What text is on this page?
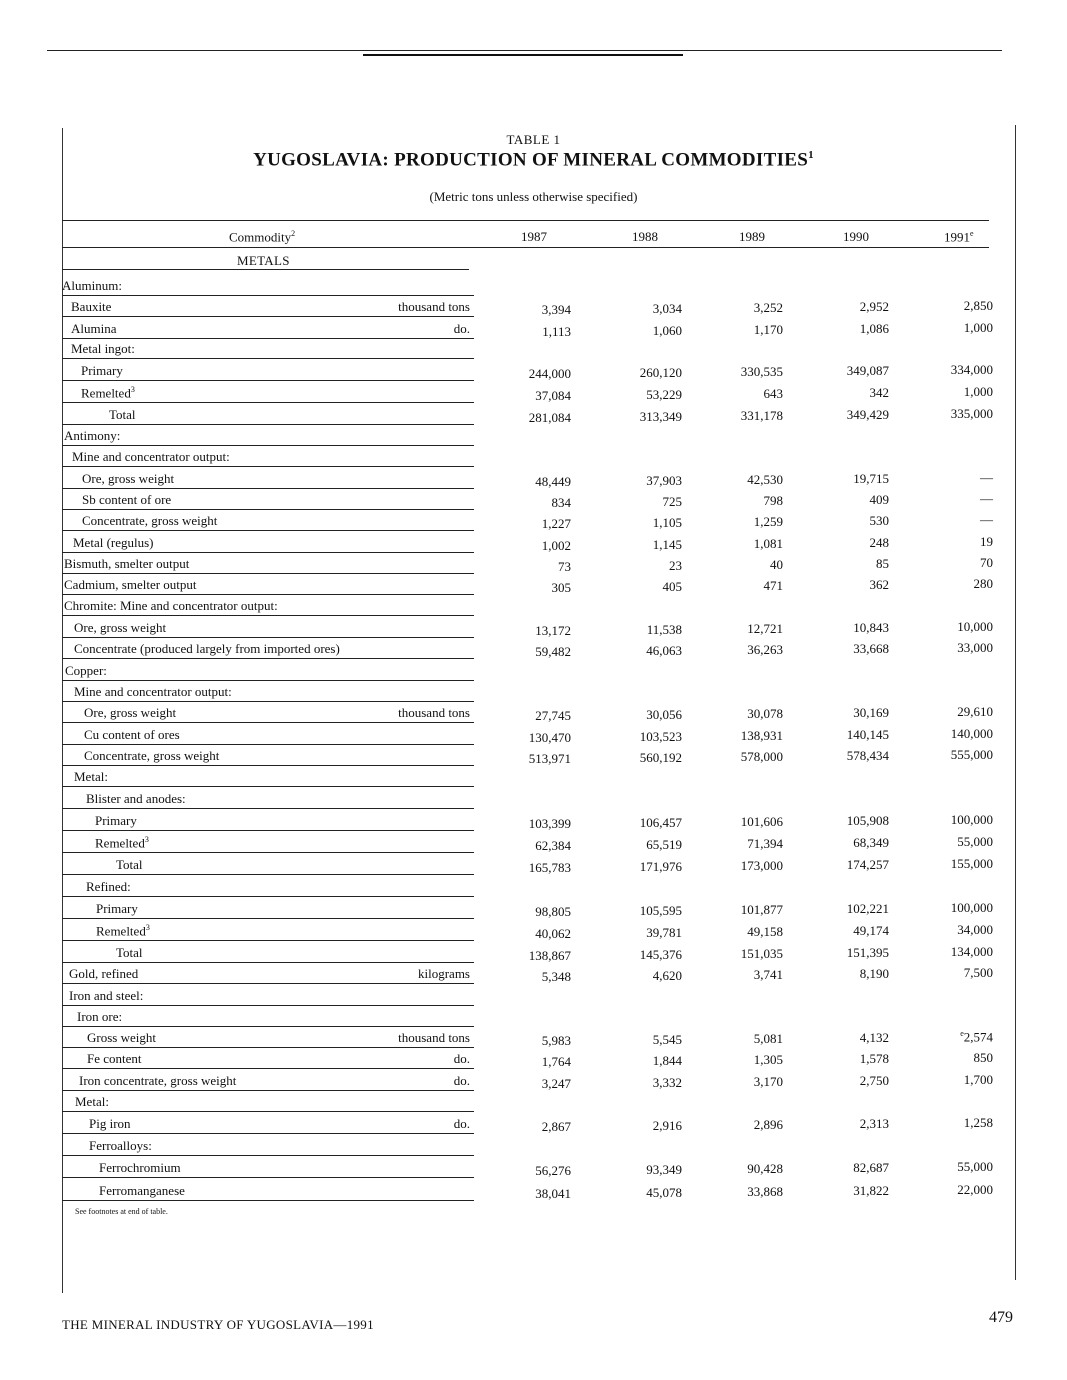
TABLE 1
YUGOSLAVIA: PRODUCTION OF MINERAL COMMODITIES$^1$
(Metric tons unless otherwise specified)
Commodity$^2$	1987	1988	1989	1990	1991e
METALS
Aluminum:
Bauxite	thousand tons	3,394	3,034	3,252	2,952	2,850
Alumina	do.	1,113	1,060	1,170	1,086	1,000
Metal ingot:
Primary	244,000	260,120	330,535	349,087	334,000
Remelted$^3$	37,084	53,229	643	342	1,000
Total	281,084	313,349	331,178	349,429	335,000
Antimony:
Mine and concentrator output:
Ore, gross weight	48,449	37,903	42,530	19,715	—
Sb content of ore	834	725	798	409	—
Concentrate, gross weight	1,227	1,105	1,259	530	—
Metal (regulus)	1,002	1,145	1,081	248	19
Bismuth, smelter output	73	23	40	85	70
Cadmium, smelter output	305	405	471	362	280
Chromite: Mine and concentrator output:
Ore, gross weight	13,172	11,538	12,721	10,843	10,000
Concentrate (produced largely from imported ores)	59,482	46,063	36,263	33,668	33,000
Copper:
Mine and concentrator output:
Ore, gross weight	thousand tons	27,745	30,056	30,078	30,169	29,610
Cu content of ores	130,470	103,523	138,931	140,145	140,000
Concentrate, gross weight	513,971	560,192	578,000	578,434	555,000
Metal:
Blister and anodes:
Primary	103,399	106,457	101,606	105,908	100,000
Remelted$^3$	62,384	65,519	71,394	68,349	55,000
Total	165,783	171,976	173,000	174,257	155,000
Refined:
Primary	98,805	105,595	101,877	102,221	100,000
Remelted$^3$	40,062	39,781	49,158	49,174	34,000
Total	138,867	145,376	151,035	151,395	134,000
Gold, refined	kilograms	5,348	4,620	3,741	8,190	7,500
Iron and steel:
Iron ore:
Gross weight	thousand tons	5,983	5,545	5,081	4,132	$^e$2,574
Fe content	do.	1,764	1,844	1,305	1,578	850
Iron concentrate, gross weight	do.	3,247	3,332	3,170	2,750	1,700
Metal:
Pig iron	do.	2,867	2,916	2,896	2,313	1,258
Ferroalloys:
Ferrochromium	56,276	93,349	90,428	82,687	55,000
Ferromanganese	38,041	45,078	33,868	31,822	22,000
See footnotes at end of table.
THE MINERAL INDUSTRY OF YUGOSLAVIA—1991	479
